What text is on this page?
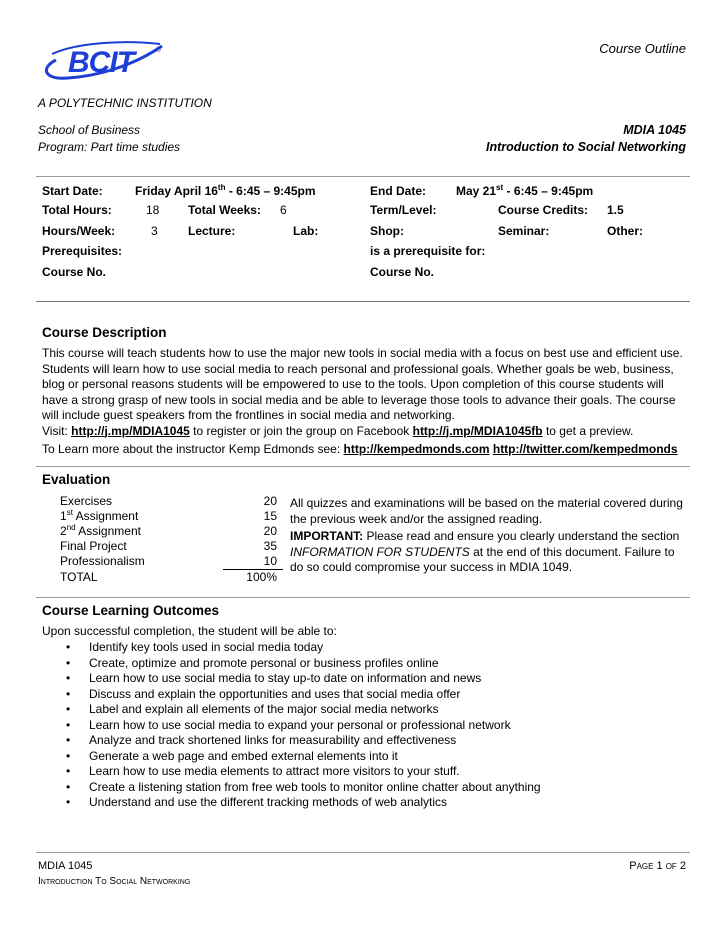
BCIT	®	Course Outline
A POLYTECHNIC INSTITUTION
School of Business
Program: Part time studies
MDIA 1045
Introduction to Social Networking
Start Date:	Friday April 16th - 6:45 – 9:45pm	End Date: May 21st - 6:45 – 9:45pm
Total Hours:	18 Total Weeks: 6	Term/Level:	Course Credits: 1.5
Hours/Week:	3	Lecture:	Lab:	Shop:	Seminar:	Other:
Prerequisites:	is a prerequisite for:
Course No.	Course No.
Course Description
This course will teach students how to use the major new tools in social media with a focus on best use and efficient use. Students will learn how to use social media to reach personal and professional goals. Whether goals be web, business, blog or personal reasons students will be empowered to use to the tools. Upon completion of this course students will have a strong grasp of new tools in social media and be able to leverage those tools to advance their goals. The course will include guest speakers from the frontlines in social media and networking.
Visit: http://j.mp/MDIA1045 to register or join the group on Facebook http://j.mp/MDIA1045fb to get a preview.
To Learn more about the instructor Kemp Edmonds see: http://kempedmonds.com http://twitter.com/kempedmonds
Evaluation
Exercises	20
1st Assignment	15
2nd Assignment	20
Final Project	35
Professionalism	10
TOTAL	100%
All quizzes and examinations will be based on the material covered during the previous week and/or the assigned reading.
IMPORTANT: Please read and ensure you clearly understand the section INFORMATION FOR STUDENTS at the end of this document. Failure to do so could compromise your success in MDIA 1049.
Course Learning Outcomes
Upon successful completion, the student will be able to:
• Identify key tools used in social media today
• Create, optimize and promote personal or business profiles online
• Learn how to use social media to stay up-to date on information and news
• Discuss and explain the opportunities and uses that social media offer
• Label and explain all elements of the major social media networks
• Learn how to use social media to expand your personal or professional network
• Analyze and track shortened links for measurability and effectiveness
• Generate a web page and embed external elements into it
• Learn how to use media elements to attract more visitors to your stuff.
• Create a listening station from free web tools to monitor online chatter about anything
• Understand and use the different tracking methods of web analytics
MDIA 1045
Introduction To Social Networking
Page 1 of 2
